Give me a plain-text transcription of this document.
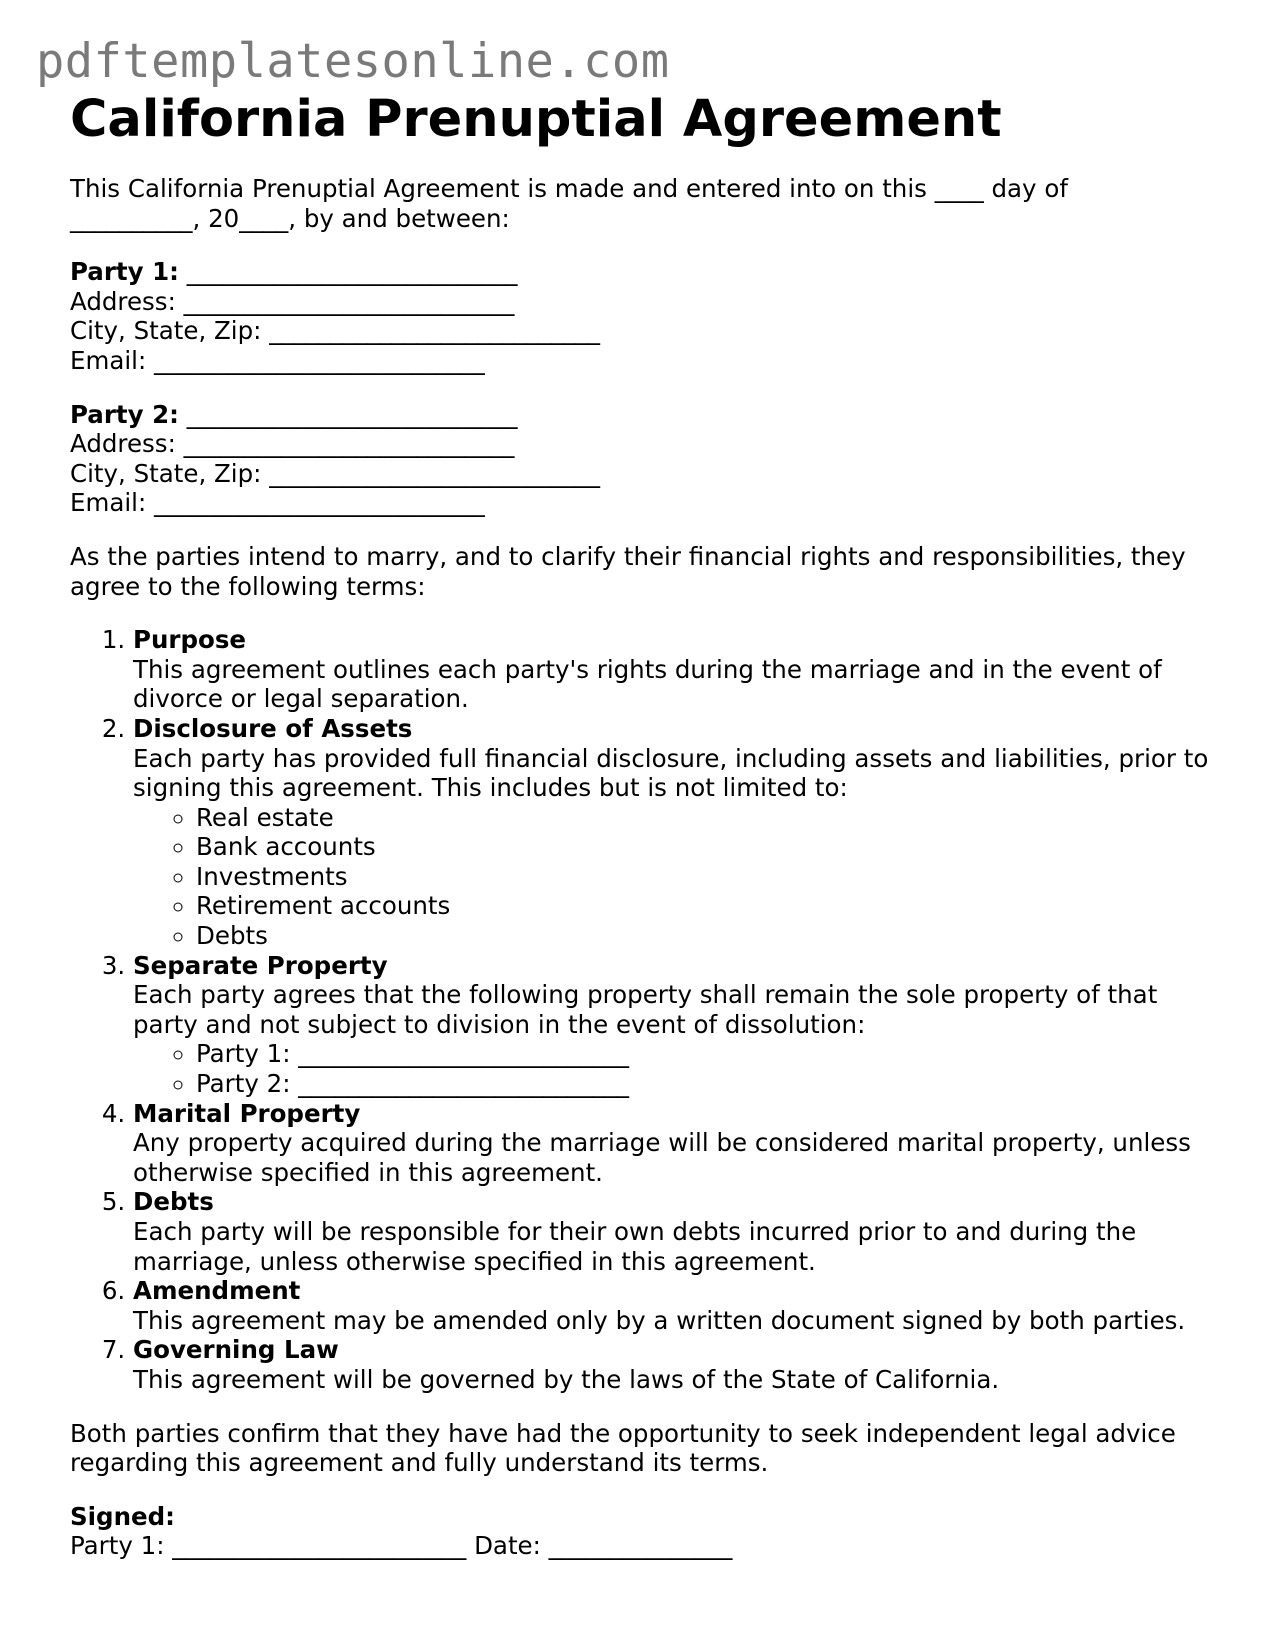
pdftemplatesonline.com
California Prenuptial Agreement

This California Prenuptial Agreement is made and entered into on this ____ day of
__________, 20____, by and between:

Party 1: ___________________________
Address: ___________________________
City, State, Zip: ___________________________
Email: ___________________________
Party 2: ___________________________
Address: ___________________________
City, State, Zip: ___________________________
Email: ___________________________

As the parties intend to marry, and to clarify their financial rights and responsibilities, they agree to the following terms:

1. Purpose
This agreement outlines each party's rights during the marriage and in the event of divorce or legal separation.
2. Disclosure of Assets
Each party has provided full financial disclosure, including assets and liabilities, prior to signing this agreement. This includes but is not limited to:
◦ Real estate
◦ Bank accounts
◦ Investments
◦ Retirement accounts
◦ Debts
3. Separate Property
Each party agrees that the following property shall remain the sole property of that party and not subject to division in the event of dissolution:
◦ Party 1: ___________________________
◦ Party 2: ___________________________
4. Marital Property
Any property acquired during the marriage will be considered marital property, unless otherwise specified in this agreement.
5. Debts
Each party will be responsible for their own debts incurred prior to and during the marriage, unless otherwise specified in this agreement.
6. Amendment
This agreement may be amended only by a written document signed by both parties.
7. Governing Law
This agreement will be governed by the laws of the State of California.

Both parties confirm that they have had the opportunity to seek independent legal advice regarding this agreement and fully understand its terms.

Signed:
Party 1: ________________________ Date: _______________
